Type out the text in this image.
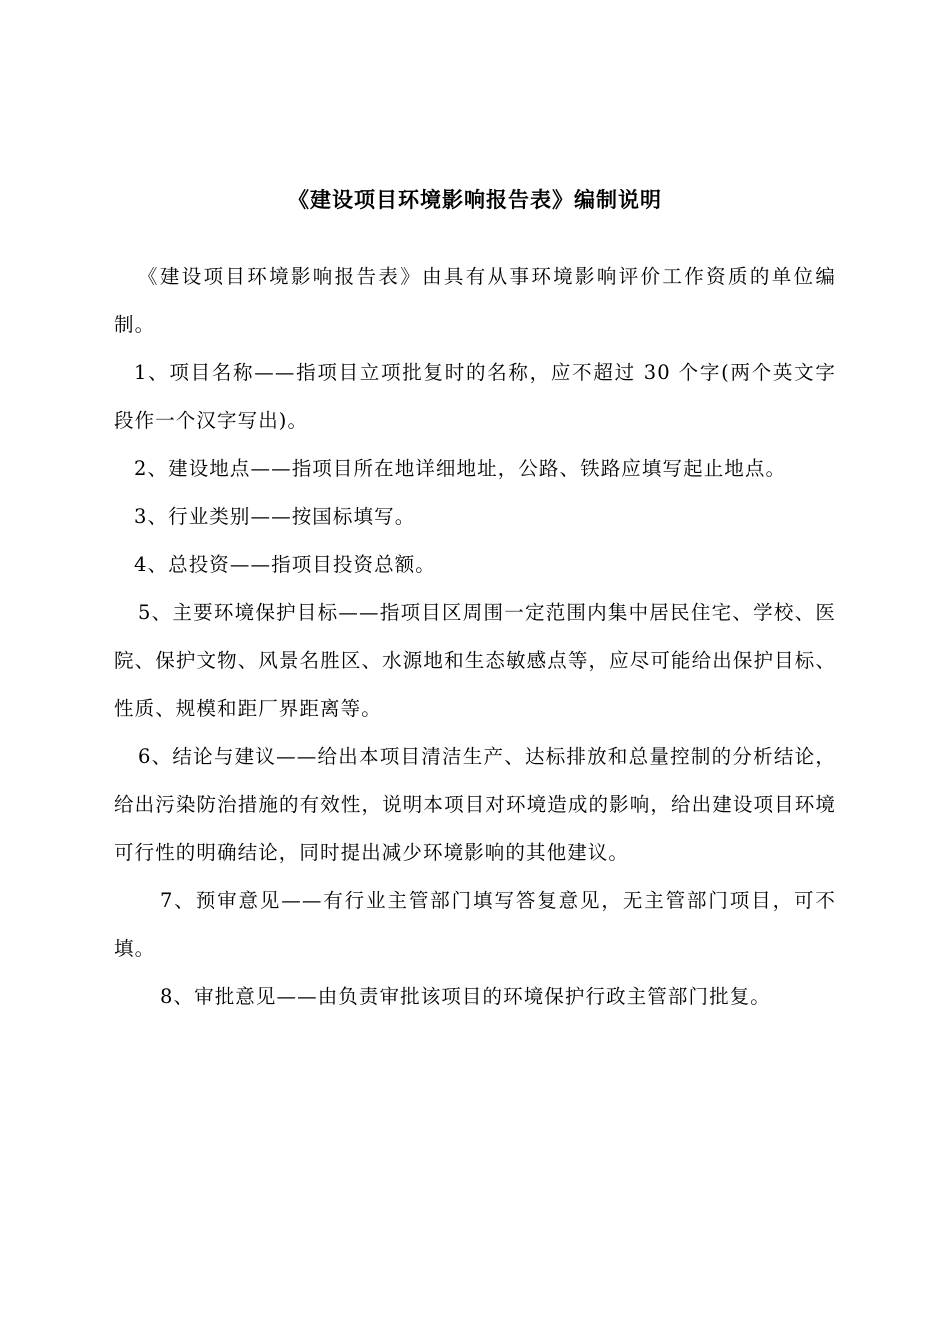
《建设项目环境影响报告表》编制说明

《建设项目环境影响报告表》由具有从事环境影响评价工作资质的单位编制。

1、项目名称——指项目立项批复时的名称，应不超过 30 个字(两个英文字段作一个汉字写出)。

2、建设地点——指项目所在地详细地址，公路、铁路应填写起止地点。

3、行业类别——按国标填写。

4、总投资——指项目投资总额。

5、主要环境保护目标——指项目区周围一定范围内集中居民住宅、学校、医院、保护文物、风景名胜区、水源地和生态敏感点等，应尽可能给出保护目标、性质、规模和距厂界距离等。

6、结论与建议——给出本项目清洁生产、达标排放和总量控制的分析结论，给出污染防治措施的有效性，说明本项目对环境造成的影响，给出建设项目环境可行性的明确结论，同时提出减少环境影响的其他建议。

7、预审意见——有行业主管部门填写答复意见，无主管部门项目，可不填。

8、审批意见——由负责审批该项目的环境保护行政主管部门批复。
